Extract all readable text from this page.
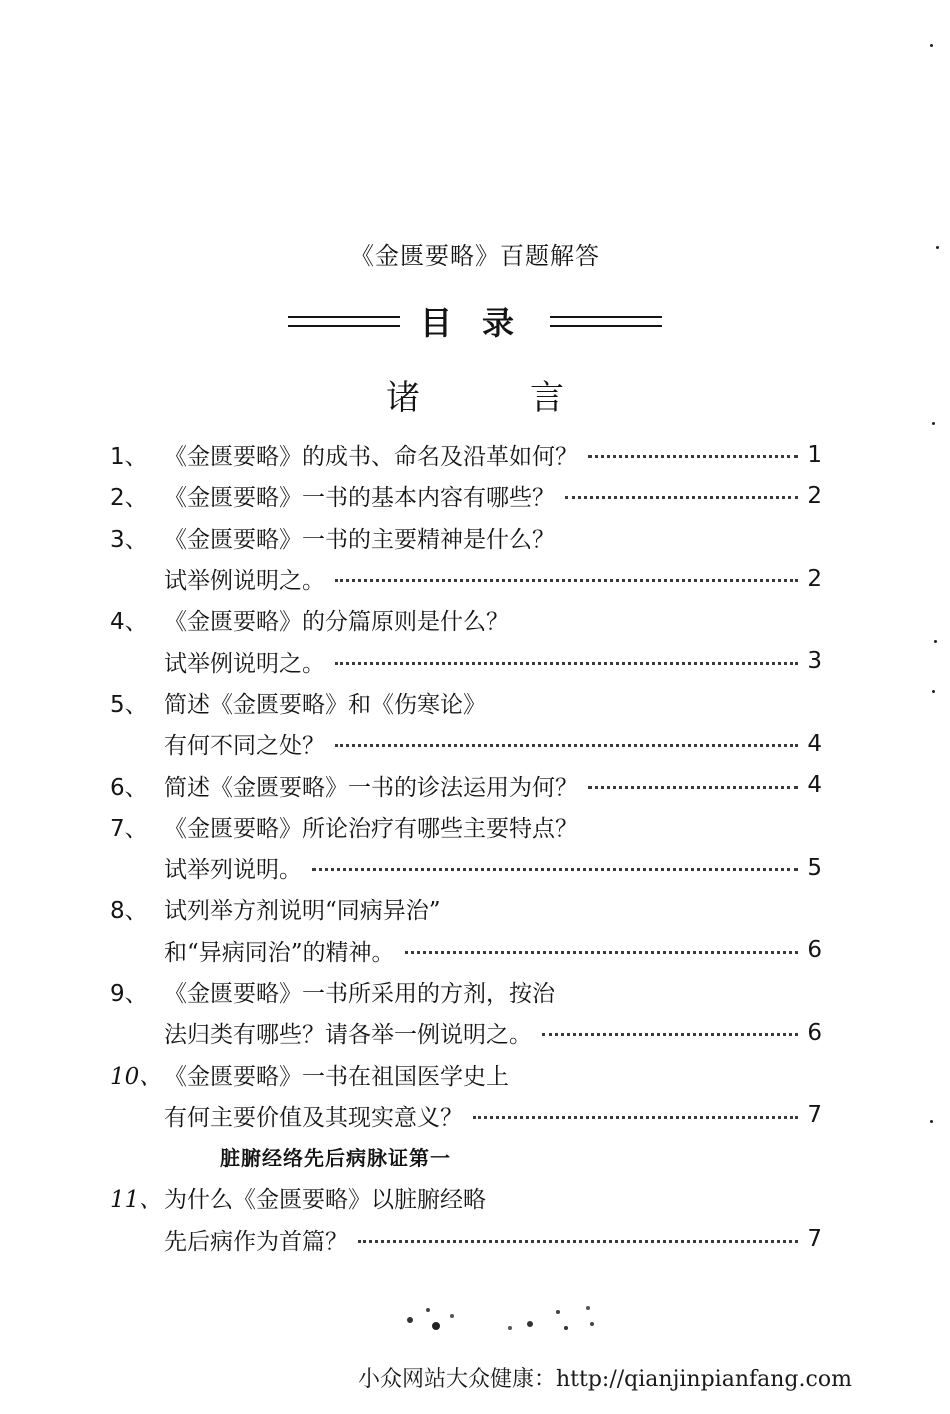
《金匮要略》百题解答
目录
诸言
1、 《金匮要略》的成书、命名及沿革如何？	1
2、 《金匮要略》一书的基本内容有哪些？	2
3、 《金匮要略》一书的主要精神是什么？
试举例说明之。	2
4、 《金匮要略》的分篇原则是什么？
试举例说明之。	3
5、 简述《金匮要略》和《伤寒论》
有何不同之处？	4
6、 简述《金匮要略》一书的诊法运用为何？	4
7、 《金匮要略》所论治疗有哪些主要特点？
试举列说明。	5
8、 试列举方剂说明“同病异治”
和“异病同治”的精神。	6
9、 《金匮要略》一书所采用的方剂，按治
法归类有哪些？请各举一例说明之。	6
10、 《金匮要略》一书在祖国医学史上
有何主要价值及其现实意义？	7
脏腑经络先后病脉证第一
11、 为什么《金匮要略》以脏腑经略
先后病作为首篇？	7
小众网站大众健康：http://qianjinpianfang.com
